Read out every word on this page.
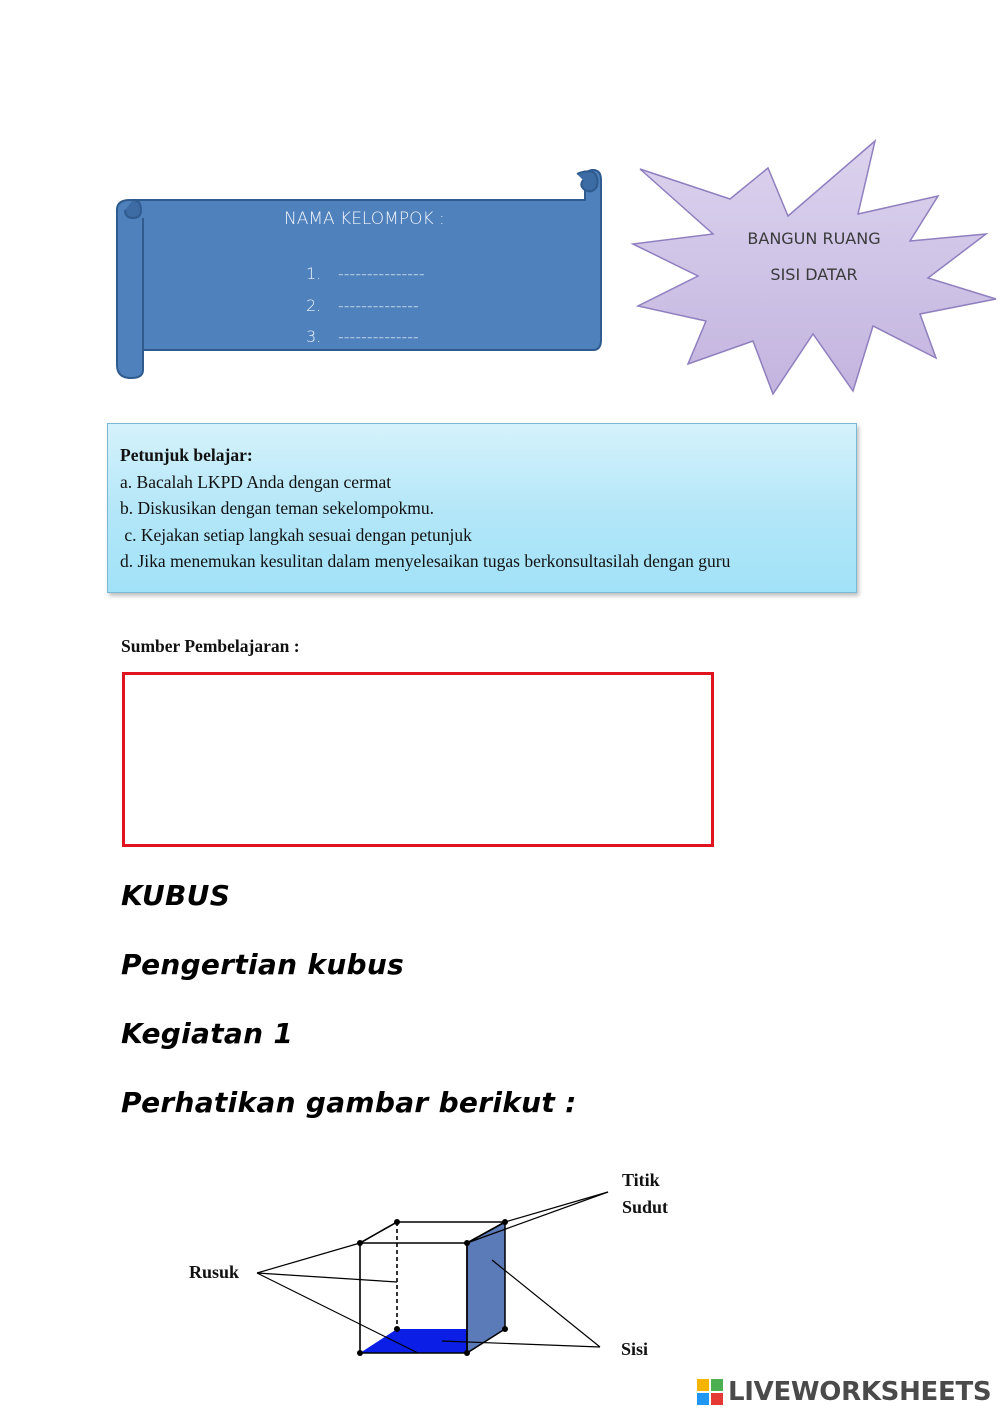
NAMA KELOMPOK :
1. ---------------
2. --------------
3. --------------
BANGUN RUANG
SISI DATAR
Petunjuk belajar:
a. Bacalah LKPD Anda dengan cermat
b. Diskusikan dengan teman sekelompokmu.
c. Kejakan setiap langkah sesuai dengan petunjuk
d. Jika menemukan kesulitan dalam menyelesaikan tugas berkonsultasilah dengan guru
Sumber Pembelajaran :
KUBUS
Pengertian kubus
Kegiatan 1
Perhatikan gambar berikut :
Titik
Sudut
Rusuk
Sisi
LIVEWORKSHEETS
